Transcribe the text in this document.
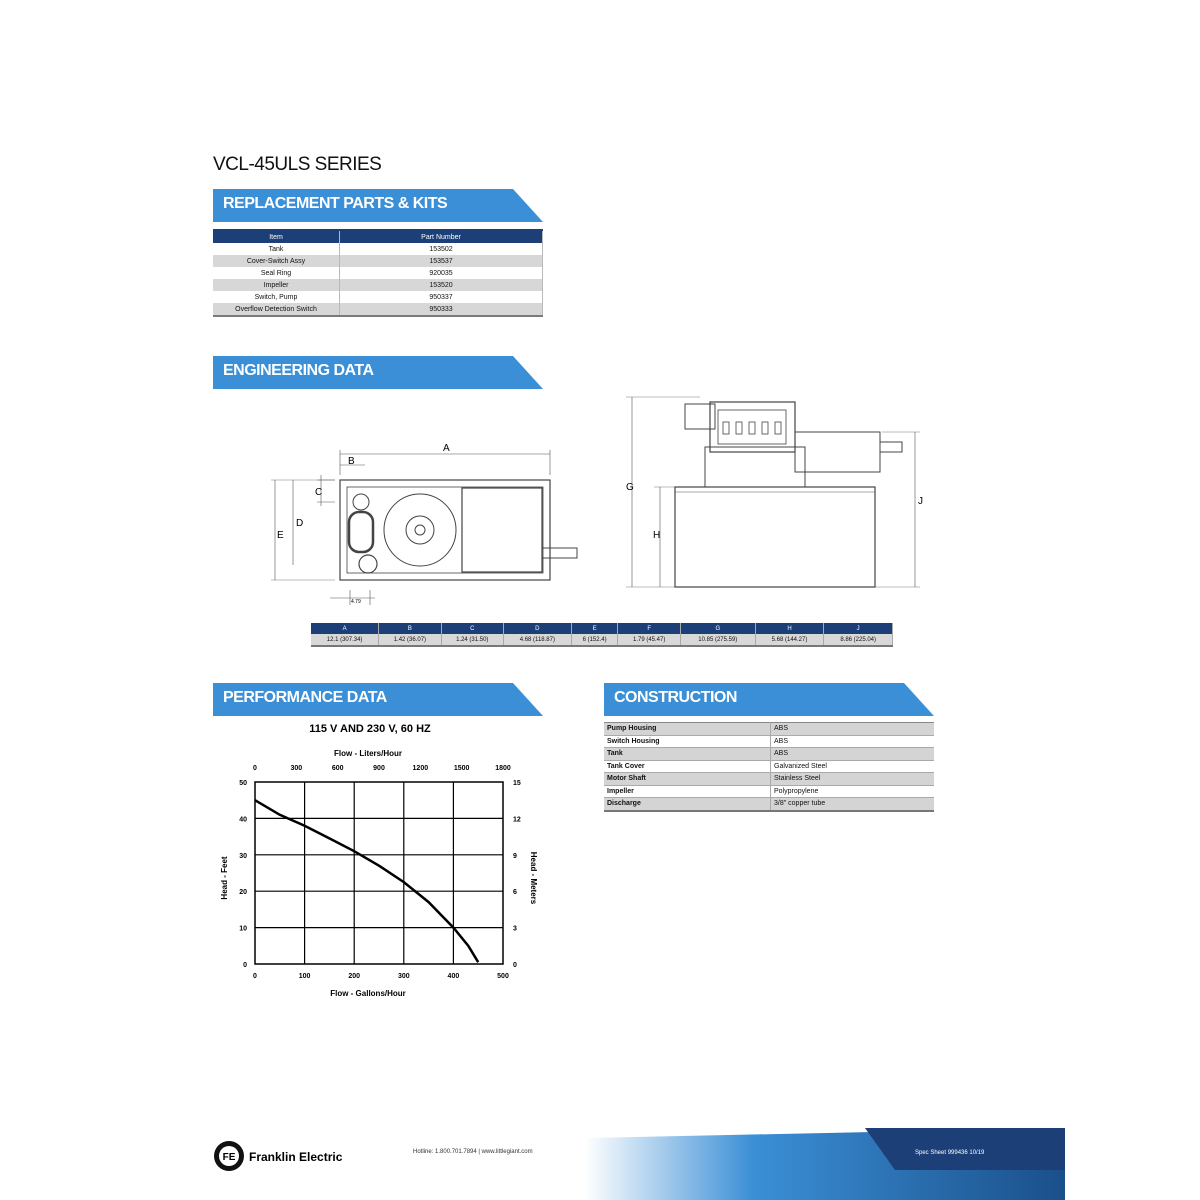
VCL-45ULS SERIES
REPLACEMENT PARTS & KITS
Item	Part Number
Tank	153502
Cover-Switch Assy	153537
Seal Ring	920035
Impeller	153520
Switch, Pump	950337
Overflow Detection Switch	950333
ENGINEERING DATA
A
B
C
D
E
4.79
G
H
J
A	B	C	D	E	F	G	H	J
12.1 (307.34)	1.42 (36.07)	1.24 (31.50)	4.68 (118.87)	6 (152.4)	1.79 (45.47)	10.85 (275.59)	5.68 (144.27)	8.86 (225.04)
PERFORMANCE DATA	CONSTRUCTION
Pump Housing	ABS
Switch Housing	ABS
Tank	ABS
Tank Cover	Galvanized Steel
Motor Shaft	Stainless Steel
Impeller	Polypropylene
Discharge	3/8" copper tube
115 V AND 230 V, 60 HZ
Flow - Liters/Hour
Flow - Gallons/Hour
Head - Feet	Head - Meters
0	100	200	300	400	500
0
10
20
30
40
50
0	300	600	900	1200	1500	1800
0
3
6
9
12
15
FE Franklin Electric	Hotline: 1.800.701.7894 | www.littlegiant.com	Spec Sheet 999436 10/19
